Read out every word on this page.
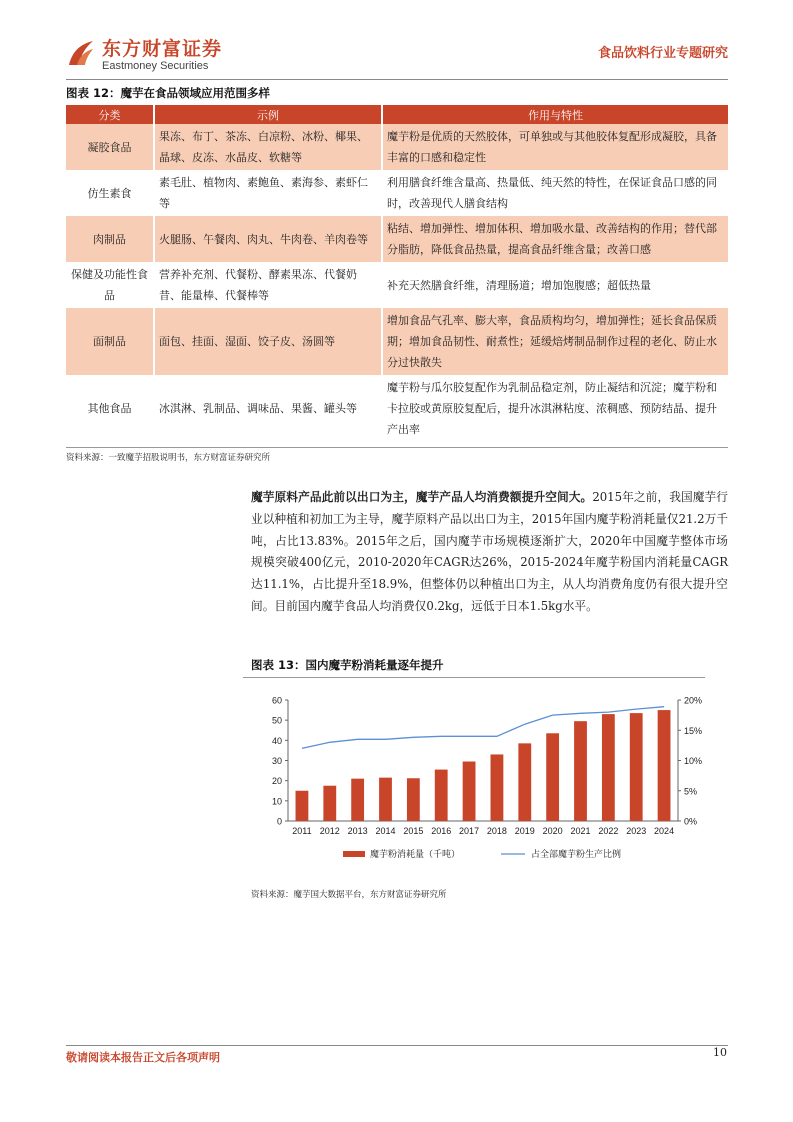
东方财富证券
Eastmoney Securities
食品饮料行业专题研究
图表 12：魔芋在食品领域应用范围多样
分类	示例	作用与特性
凝胶食品	果冻、布丁、茶冻、白凉粉、冰粉、椰果、晶球、皮冻、水晶皮、软糖等	魔芋粉是优质的天然胶体，可单独或与其他胶体复配形成凝胶，具备丰富的口感和稳定性
仿生素食	素毛肚、植物肉、素鲍鱼、素海参、素虾仁等	利用膳食纤维含量高、热量低、纯天然的特性，在保证食品口感的同时，改善现代人膳食结构
肉制品	火腿肠、午餐肉、肉丸、牛肉卷、羊肉卷等	粘结、增加弹性、增加体积、增加吸水量、改善结构的作用；替代部分脂肪，降低食品热量，提高食品纤维含量；改善口感
保健及功能性食品	营养补充剂、代餐粉、酵素果冻、代餐奶昔、能量棒、代餐棒等	补充天然膳食纤维，清理肠道；增加饱腹感；超低热量
面制品	面包、挂面、湿面、饺子皮、汤圆等	增加食品气孔率、膨大率，食品质构均匀，增加弹性；延长食品保质期；增加食品韧性、耐煮性；延缓焙烤制品制作过程的老化、防止水分过快散失
其他食品	冰淇淋、乳制品、调味品、果酱、罐头等	魔芋粉与瓜尔胶复配作为乳制品稳定剂，防止凝结和沉淀；魔芋粉和卡拉胶或黄原胶复配后，提升冰淇淋粘度、浓稠感、预防结晶、提升产出率
资料来源：一致魔芋招股说明书，东方财富证券研究所
魔芋原料产品此前以出口为主，魔芋产品人均消费额提升空间大。2015年之前，我国魔芋行业以种植和初加工为主导，魔芋原料产品以出口为主，2015年国内魔芋粉消耗量仅21.2万千吨，占比13.83%。2015年之后，国内魔芋市场规模逐渐扩大，2020年中国魔芋整体市场规模突破400亿元，2010-2020年CAGR达26%，2015-2024年魔芋粉国内消耗量CAGR达11.1%，占比提升至18.9%，但整体仍以种植出口为主，从人均消费角度仍有很大提升空间。目前国内魔芋食品人均消费仅0.2kg，远低于日本1.5kg水平。
图表 13：国内魔芋粉消耗量逐年提升
0
10
20
30
40
50
60
0%
5%
10%
15%
20%
2011 2012 2013 2014 2015 2016 2017 2018 2019 2020 2021 2022 2023 2024
魔芋粉消耗量（千吨）	占全部魔芋粉生产比例
资料来源：魔芋国大数据平台，东方财富证券研究所
敬请阅读本报告正文后各项声明	10
